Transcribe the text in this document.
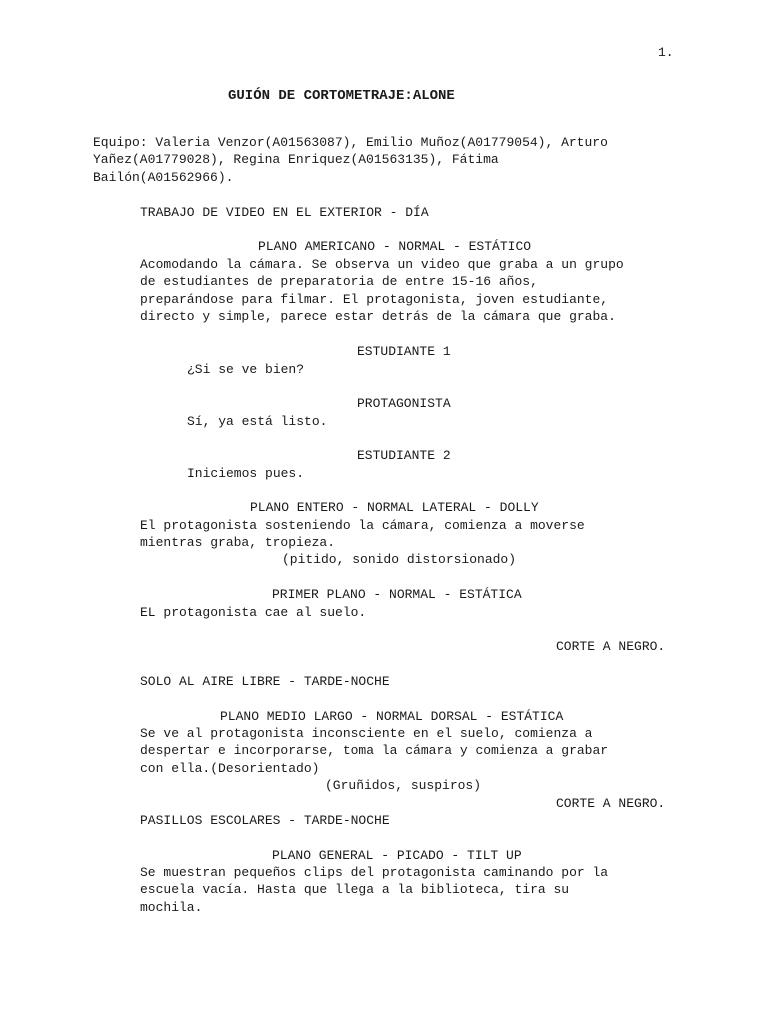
1.
GUIÓN DE CORTOMETRAJE:ALONE
Equipo: Valeria Venzor(A01563087), Emilio Muñoz(A01779054), Arturo
Yañez(A01779028), Regina Enriquez(A01563135), Fátima
Bailón(A01562966).
TRABAJO DE VIDEO EN EL EXTERIOR - DÍA
PLANO AMERICANO - NORMAL - ESTÁTICO
Acomodando la cámara. Se observa un video que graba a un grupo
de estudiantes de preparatoria de entre 15-16 años,
preparándose para filmar. El protagonista, joven estudiante,
directo y simple, parece estar detrás de la cámara que graba.
ESTUDIANTE 1
¿Si se ve bien?
PROTAGONISTA
Sí, ya está listo.
ESTUDIANTE 2
Iniciemos pues.
PLANO ENTERO - NORMAL LATERAL - DOLLY
El protagonista sosteniendo la cámara, comienza a moverse
mientras graba, tropieza.
(pitido, sonido distorsionado)
PRIMER PLANO - NORMAL - ESTÁTICA
EL protagonista cae al suelo.
CORTE A NEGRO.
SOLO AL AIRE LIBRE - TARDE-NOCHE
PLANO MEDIO LARGO - NORMAL DORSAL - ESTÁTICA
Se ve al protagonista inconsciente en el suelo, comienza a
despertar e incorporarse, toma la cámara y comienza a grabar
con ella.(Desorientado)
(Gruñidos, suspiros)
CORTE A NEGRO.
PASILLOS ESCOLARES - TARDE-NOCHE
PLANO GENERAL - PICADO - TILT UP
Se muestran pequeños clips del protagonista caminando por la
escuela vacía. Hasta que llega a la biblioteca, tira su
mochila.
